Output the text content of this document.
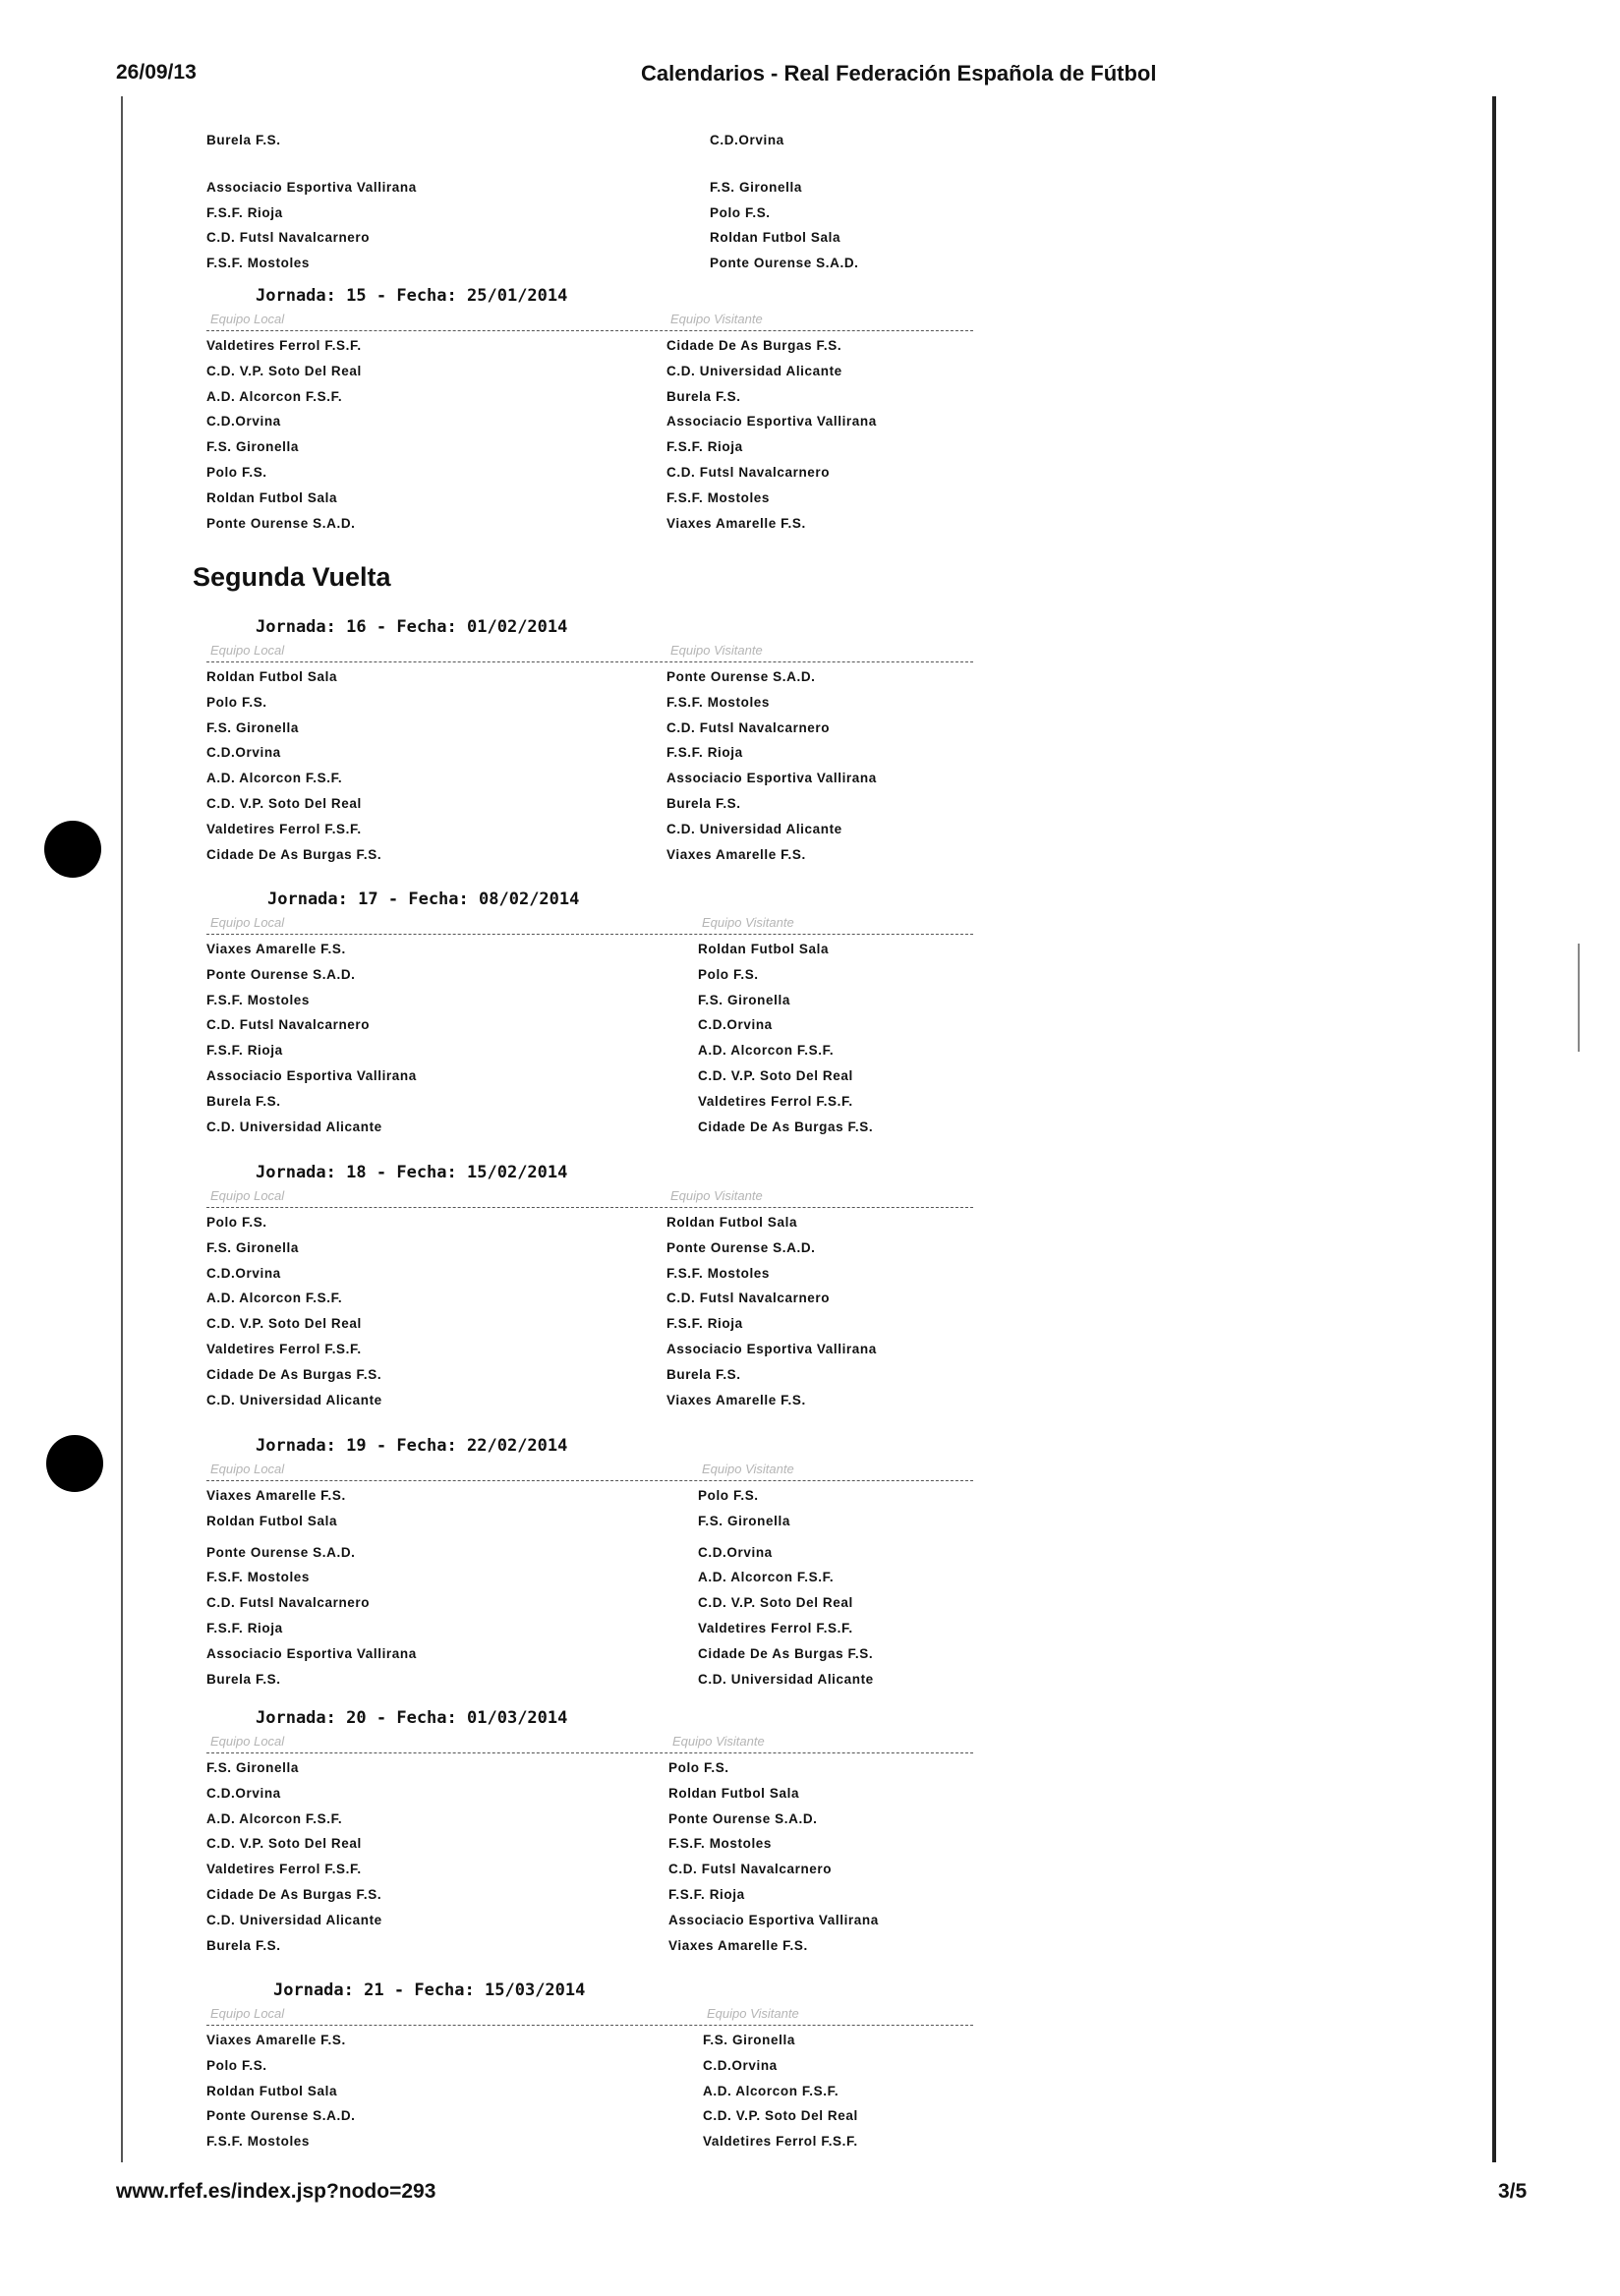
26/09/13	Calendarios - Real Federación Española de Fútbol
Burela F.S.	C.D.Orvina
Associacio Esportiva Vallirana	F.S. Gironella
F.S.F. Rioja	Polo F.S.
C.D. Futsl Navalcarnero	Roldan Futbol Sala
F.S.F. Mostoles	Ponte Ourense S.A.D.
Segunda Vuelta
Jornada: 15 - Fecha: 25/01/2014
Equipo Local	Equipo Visitante
Valdetires Ferrol F.S.F.	Cidade De As Burgas F.S.
C.D. V.P. Soto Del Real	C.D. Universidad Alicante
A.D. Alcorcon F.S.F.	Burela F.S.
C.D.Orvina	Associacio Esportiva Vallirana
F.S. Gironella	F.S.F. Rioja
Polo F.S.	C.D. Futsl Navalcarnero
Roldan Futbol Sala	F.S.F. Mostoles
Ponte Ourense S.A.D.	Viaxes Amarelle F.S.
Jornada: 16 - Fecha: 01/02/2014
Equipo Local	Equipo Visitante
Roldan Futbol Sala	Ponte Ourense S.A.D.
Polo F.S.	F.S.F. Mostoles
F.S. Gironella	C.D. Futsl Navalcarnero
C.D.Orvina	F.S.F. Rioja
A.D. Alcorcon F.S.F.	Associacio Esportiva Vallirana
C.D. V.P. Soto Del Real	Burela F.S.
Valdetires Ferrol F.S.F.	C.D. Universidad Alicante
Cidade De As Burgas F.S.	Viaxes Amarelle F.S.
Jornada: 17 - Fecha: 08/02/2014
Equipo Local	Equipo Visitante
Viaxes Amarelle F.S.	Roldan Futbol Sala
Ponte Ourense S.A.D.	Polo F.S.
F.S.F. Mostoles	F.S. Gironella
C.D. Futsl Navalcarnero	C.D.Orvina
F.S.F. Rioja	A.D. Alcorcon F.S.F.
Associacio Esportiva Vallirana	C.D. V.P. Soto Del Real
Burela F.S.	Valdetires Ferrol F.S.F.
C.D. Universidad Alicante	Cidade De As Burgas F.S.
Jornada: 18 - Fecha: 15/02/2014
Equipo Local	Equipo Visitante
Polo F.S.	Roldan Futbol Sala
F.S. Gironella	Ponte Ourense S.A.D.
C.D.Orvina	F.S.F. Mostoles
A.D. Alcorcon F.S.F.	C.D. Futsl Navalcarnero
C.D. V.P. Soto Del Real	F.S.F. Rioja
Valdetires Ferrol F.S.F.	Associacio Esportiva Vallirana
Cidade De As Burgas F.S.	Burela F.S.
C.D. Universidad Alicante	Viaxes Amarelle F.S.
Jornada: 19 - Fecha: 22/02/2014
Equipo Local	Equipo Visitante
Viaxes Amarelle F.S.	Polo F.S.
Roldan Futbol Sala	F.S. Gironella
Ponte Ourense S.A.D.	C.D.Orvina
F.S.F. Mostoles	A.D. Alcorcon F.S.F.
C.D. Futsl Navalcarnero	C.D. V.P. Soto Del Real
F.S.F. Rioja	Valdetires Ferrol F.S.F.
Associacio Esportiva Vallirana	Cidade De As Burgas F.S.
Burela F.S.	C.D. Universidad Alicante
Jornada: 20 - Fecha: 01/03/2014
Equipo Local	Equipo Visitante
F.S. Gironella	Polo F.S.
C.D.Orvina	Roldan Futbol Sala
A.D. Alcorcon F.S.F.	Ponte Ourense S.A.D.
C.D. V.P. Soto Del Real	F.S.F. Mostoles
Valdetires Ferrol F.S.F.	C.D. Futsl Navalcarnero
Cidade De As Burgas F.S.	F.S.F. Rioja
C.D. Universidad Alicante	Associacio Esportiva Vallirana
Burela F.S.	Viaxes Amarelle F.S.
Jornada: 21 - Fecha: 15/03/2014
Equipo Local	Equipo Visitante
Viaxes Amarelle F.S.	F.S. Gironella
Polo F.S.	C.D.Orvina
Roldan Futbol Sala	A.D. Alcorcon F.S.F.
Ponte Ourense S.A.D.	C.D. V.P. Soto Del Real
F.S.F. Mostoles	Valdetires Ferrol F.S.F.
www.rfef.es/index.jsp?nodo=293	3/5
